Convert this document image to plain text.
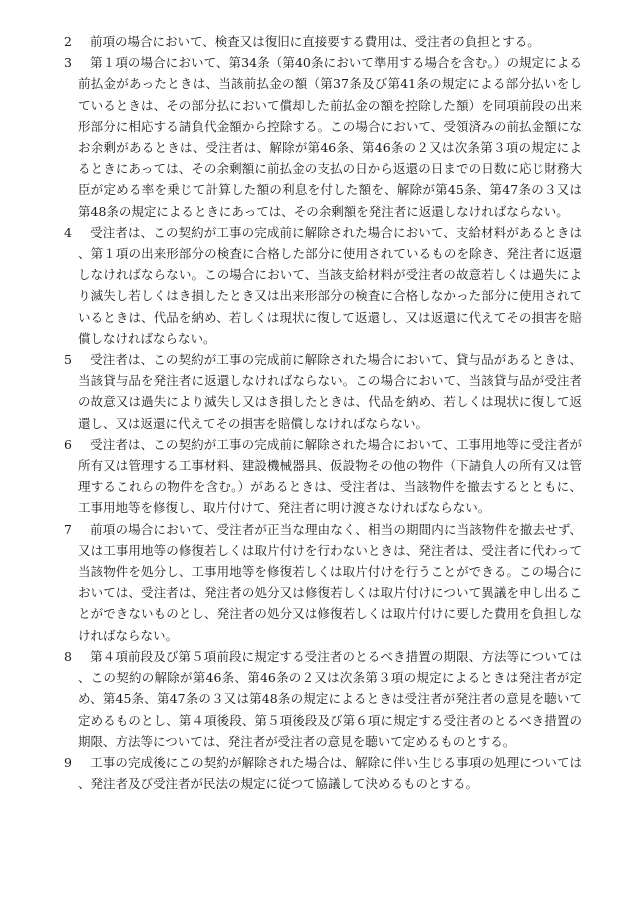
2	前項の場合において、検査又は復旧に直接要する費用は、受注者の負担とする。

3	第１項の場合において、第34条（第40条において準用する場合を含む。）の規定による前払金があったときは、当該前払金の額（第37条及び第41条の規定による部分払いをしているときは、その部分払において償却した前払金の額を控除した額）を同項前段の出来形部分に相応する請負代金額から控除する。この場合において、受領済みの前払金額になお余剰があるときは、受注者は、解除が第46条、第46条の２又は次条第３項の規定によるときにあっては、その余剰額に前払金の支払の日から返還の日までの日数に応じ財務大臣が定める率を乗じて計算した額の利息を付した額を、解除が第45条、第47条の３又は第48条の規定によるときにあっては、その余剰額を発注者に返還しなければならない。

4	受注者は、この契約が工事の完成前に解除された場合において、支給材料があるときは、第１項の出来形部分の検査に合格した部分に使用されているものを除き、発注者に返還しなければならない。この場合において、当該支給材料が受注者の故意若しくは過失により滅失し若しくはき損したとき又は出来形部分の検査に合格しなかった部分に使用されているときは、代品を納め、若しくは現状に復して返還し、又は返還に代えてその損害を賠償しなければならない。

5	受注者は、この契約が工事の完成前に解除された場合において、貸与品があるときは、当該貸与品を発注者に返還しなければならない。この場合において、当該貸与品が受注者の故意又は過失により滅失し又はき損したときは、代品を納め、若しくは現状に復して返還し、又は返還に代えてその損害を賠償しなければならない。

6	受注者は、この契約が工事の完成前に解除された場合において、工事用地等に受注者が所有又は管理する工事材料、建設機械器具、仮設物その他の物件（下請負人の所有又は管理するこれらの物件を含む。）があるときは、受注者は、当該物件を撤去するとともに、工事用地等を修復し、取片付けて、発注者に明け渡さなければならない。

7	前項の場合において、受注者が正当な理由なく、相当の期間内に当該物件を撤去せず、又は工事用地等の修復若しくは取片付けを行わないときは、発注者は、受注者に代わって当該物件を処分し、工事用地等を修復若しくは取片付けを行うことができる。この場合においては、受注者は、発注者の処分又は修復若しくは取片付けについて異議を申し出ることができないものとし、発注者の処分又は修復若しくは取片付けに要した費用を負担しなければならない。

8	第４項前段及び第５項前段に規定する受注者のとるべき措置の期限、方法等については、この契約の解除が第46条、第46条の２又は次条第３項の規定によるときは発注者が定め、第45条、第47条の３又は第48条の規定によるときは受注者が発注者の意見を聴いて定めるものとし、第４項後段、第５項後段及び第６項に規定する受注者のとるべき措置の期限、方法等については、発注者が受注者の意見を聴いて定めるものとする。

9	工事の完成後にこの契約が解除された場合は、解除に伴い生じる事項の処理については、発注者及び受注者が民法の規定に従つて協議して決めるものとする。
